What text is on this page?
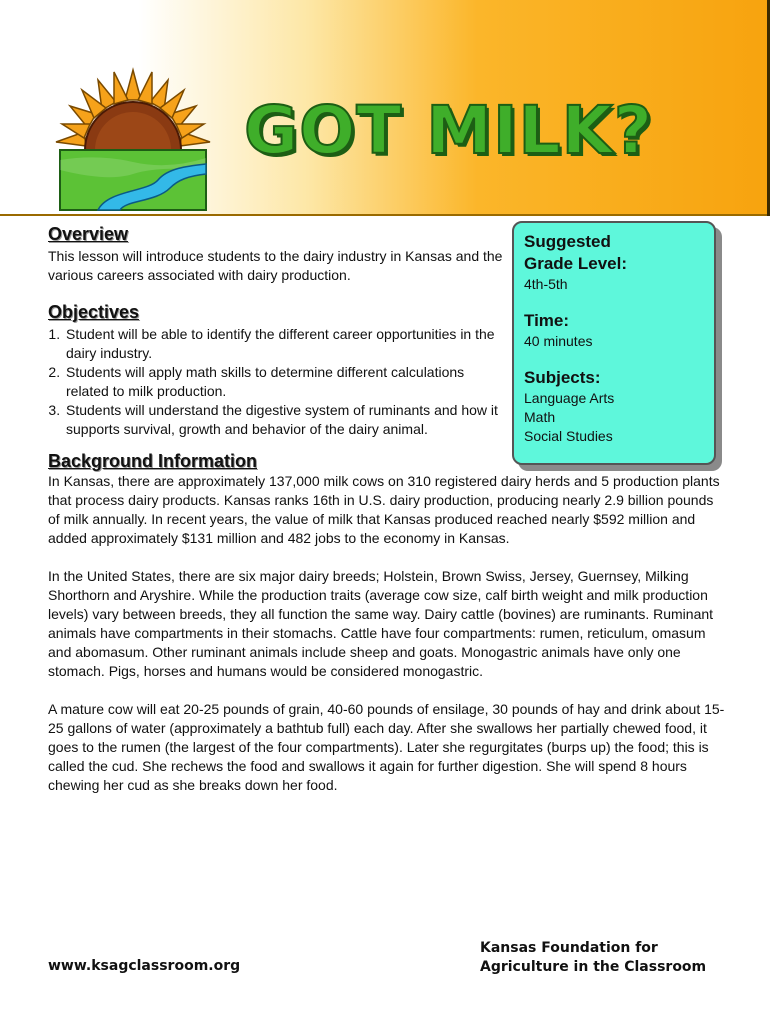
GOT MILK?
Overview

This lesson will introduce students to the dairy industry in Kansas and the various careers associated with dairy production.

Objectives
1. Student will be able to identify the different career opportunities in the dairy industry.
2. Students will apply math skills to determine different calculations related to milk production.
3. Students will understand the digestive system of ruminants and how it supports survival, growth and behavior of the dairy animal.

Suggested

Grade Level:

4th-5th

Time:

40 minutes

Subjects:

Language Arts

Math

Social Studies

Background Information

In Kansas, there are approximately 137,000 milk cows on 310 registered dairy herds and 5 production plants that process dairy products. Kansas ranks 16th in U.S. dairy production, producing nearly 2.9 billion pounds of milk annually. In recent years, the value of milk that Kansas produced reached nearly $592 million and added approximately $131 million and 482 jobs to the economy in Kansas.

In the United States, there are six major dairy breeds; Holstein, Brown Swiss, Jersey, Guernsey, Milking Shorthorn and Aryshire. While the production traits (average cow size, calf birth weight and milk production levels) vary between breeds, they all function the same way. Dairy cattle (bovines) are ruminants. Ruminant animals have compartments in their stomachs. Cattle have four compartments: rumen, reticulum, omasum and abomasum. Other ruminant animals include sheep and goats. Monogastric animals have only one stomach. Pigs, horses and humans would be considered monogastric.

A mature cow will eat 20-25 pounds of grain, 40-60 pounds of ensilage, 30 pounds of hay and drink about 15-25 gallons of water (approximately a bathtub full) each day. After she swallows her partially chewed food, it goes to the rumen (the largest of the four compartments). Later she regurgitates (burps up) the food; this is called the cud. She rechews the food and swallows it again for further digestion. She will spend 8 hours chewing her cud as she breaks down her food.

www.ksagclassroom.org
Kansas Foundation for
Agriculture in the Classroom
